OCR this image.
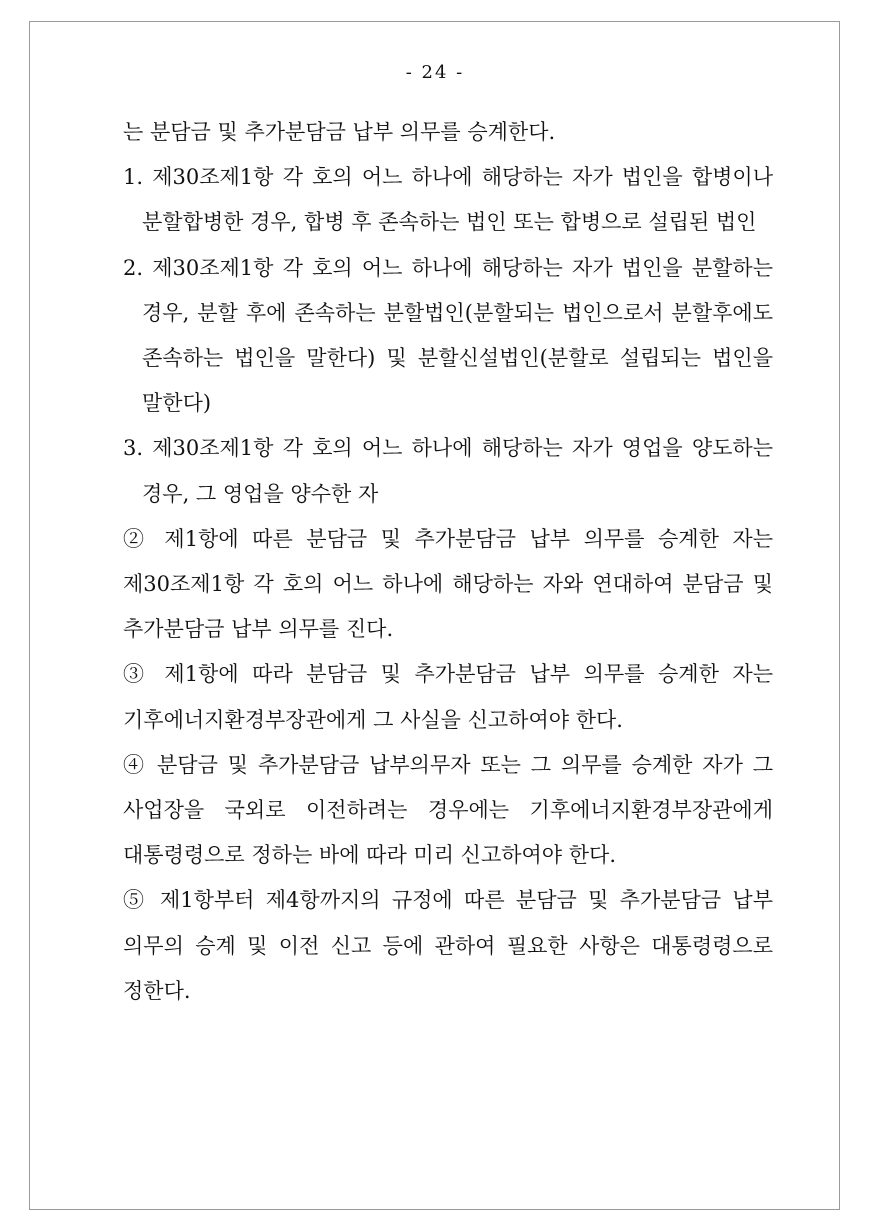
- 24 -

는 분담금 및 추가분담금 납부 의무를 승계한다.

1. 제30조제1항 각 호의 어느 하나에 해당하는 자가 법인을 합병이나 분할합병한 경우, 합병 후 존속하는 법인 또는 합병으로 설립된 법인

2. 제30조제1항 각 호의 어느 하나에 해당하는 자가 법인을 분할하는 경우, 분할 후에 존속하는 분할법인(분할되는 법인으로서 분할후에도 존속하는 법인을 말한다) 및 분할신설법인(분할로 설립되는 법인을 말한다)

3. 제30조제1항 각 호의 어느 하나에 해당하는 자가 영업을 양도하는 경우, 그 영업을 양수한 자

② 제1항에 따른 분담금 및 추가분담금 납부 의무를 승계한 자는 제30조제1항 각 호의 어느 하나에 해당하는 자와 연대하여 분담금 및 추가분담금 납부 의무를 진다.

③ 제1항에 따라 분담금 및 추가분담금 납부 의무를 승계한 자는 기후에너지환경부장관에게 그 사실을 신고하여야 한다.

④ 분담금 및 추가분담금 납부의무자 또는 그 의무를 승계한 자가 그 사업장을 국외로 이전하려는 경우에는 기후에너지환경부장관에게 대통령령으로 정하는 바에 따라 미리 신고하여야 한다.

⑤ 제1항부터 제4항까지의 규정에 따른 분담금 및 추가분담금 납부 의무의 승계 및 이전 신고 등에 관하여 필요한 사항은 대통령령으로 정한다.
